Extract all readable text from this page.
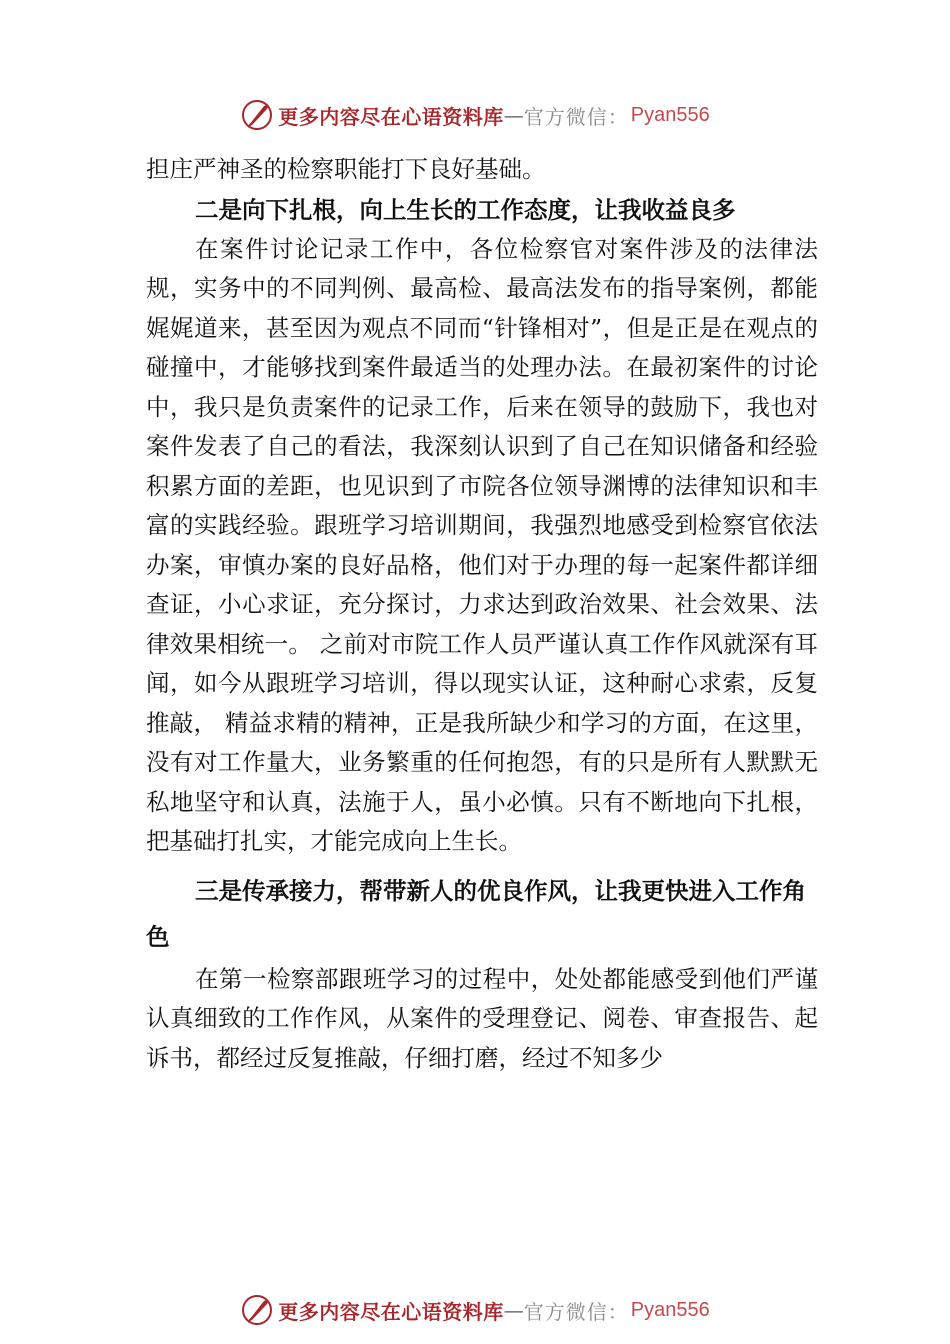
更多内容尽在心语资料库 — 官方微信： Pyan556

担庄严神圣的检察职能打下良好基础。

二是向下扎根，向上生长的工作态度，让我收益良多

在案件讨论记录工作中，各位检察官对案件涉及的法律法规，实务中的不同判例、最高检、最高法发布的指导案例，都能娓娓道来，甚至因为观点不同而“针锋相对”，但是正是在观点的碰撞中，才能够找到案件最适当的处理办法。在最初案件的讨论中，我只是负责案件的记录工作，后来在领导的鼓励下，我也对案件发表了自己的看法，我深刻认识到了自己在知识储备和经验积累方面的差距，也见识到了市院各位领导渊博的法律知识和丰富的实践经验。跟班学习培训期间，我强烈地感受到检察官依法办案，审慎办案的良好品格，他们对于办理的每一起案件都详细查证，小心求证，充分探讨，力求达到政治效果、社会效果、法律效果相统一。 之前对市院工作人员严谨认真工作作风就深有耳闻，如今从跟班学习培训，得以现实认证，这种耐心求索，反复推敲， 精益求精的精神，正是我所缺少和学习的方面，在这里，没有对工作量大，业务繁重的任何抱怨，有的只是所有人默默无私地坚守和认真，法施于人，虽小必慎。只有不断地向下扎根，把基础打扎实，才能完成向上生长。

三是传承接力，帮带新人的优良作风，让我更快进入工作角色

在第一检察部跟班学习的过程中，处处都能感受到他们严谨认真细致的工作作风，从案件的受理登记、阅卷、审查报告、起诉书，都经过反复推敲，仔细打磨，经过不知多少

更多内容尽在心语资料库 — 官方微信： Pyan556
